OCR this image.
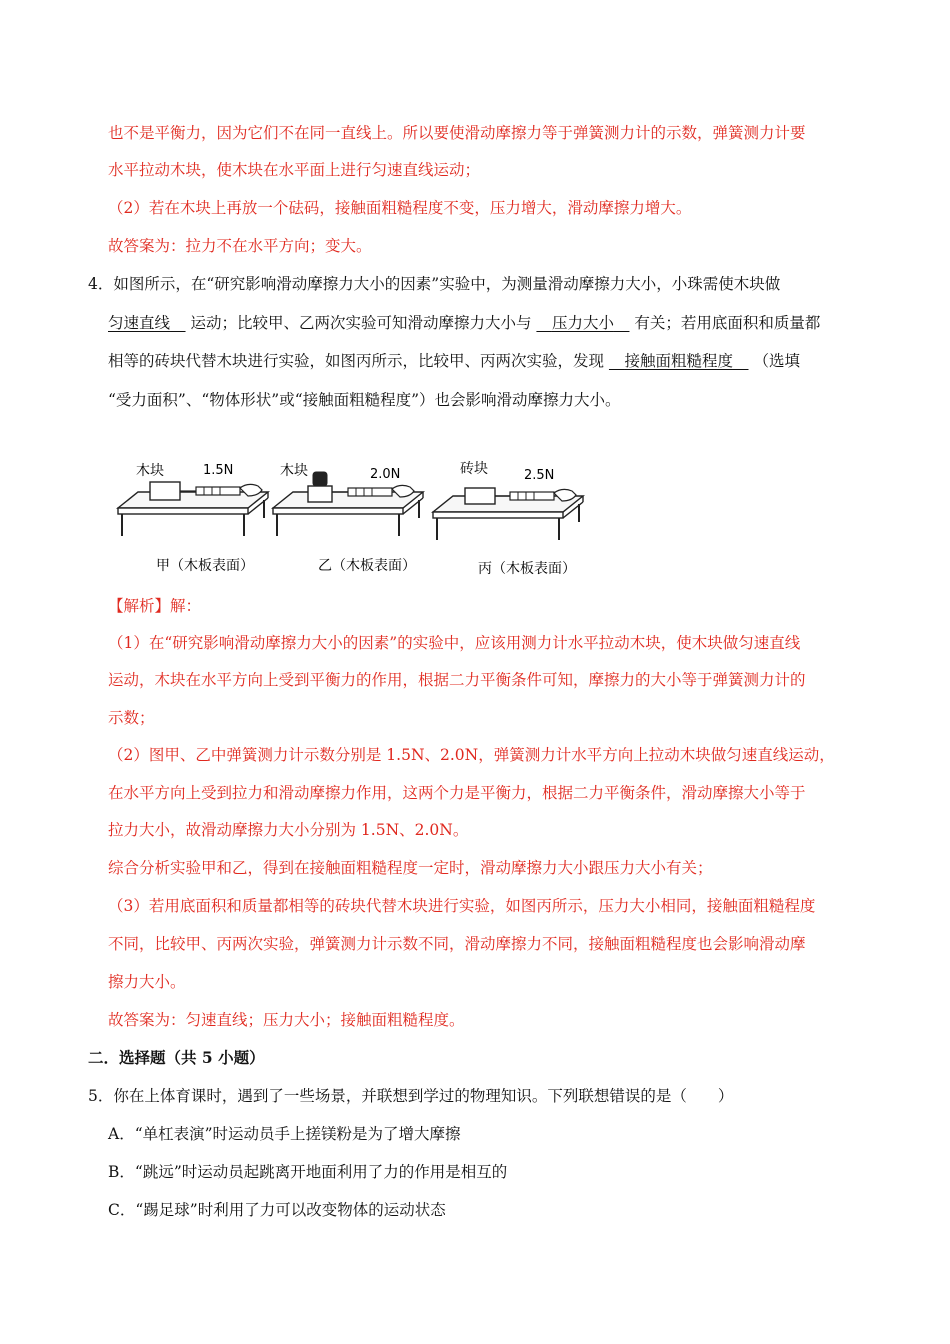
也不是平衡力，因为它们不在同一直线上。所以要使滑动摩擦力等于弹簧测力计的示数，弹簧测力计要
水平拉动木块，使木块在水平面上进行匀速直线运动；
（2）若在木块上再放一个砝码，接触面粗糙程度不变，压力增大，滑动摩擦力增大。
故答案为：拉力不在水平方向；变大。
4．如图所示，在“研究影响滑动摩擦力大小的因素”实验中，为测量滑动摩擦力大小，小珠需使木块做
匀速直线　 运动；比较甲、乙两次实验可知滑动摩擦力大小与 　 压力大小　 有关；若用底面积和质量都
相等的砖块代替木块进行实验，如图丙所示，比较甲、丙两次实验，发现 　 接触面粗糙程度　 （选填
“受力面积”、“物体形状”或“接触面粗糙程度”）也会影响滑动摩擦力大小。
木块	1.5N
甲（木板表面）
木块	2.0N
乙（木板表面）
砖块	2.5N
丙（木板表面）
【解析】解：
（1）在“研究影响滑动摩擦力大小的因素”的实验中，应该用测力计水平拉动木块，使木块做匀速直线
运动，木块在水平方向上受到平衡力的作用，根据二力平衡条件可知，摩擦力的大小等于弹簧测力计的
示数；
（2）图甲、乙中弹簧测力计示数分别是 1.5N、2.0N，弹簧测力计水平方向上拉动木块做匀速直线运动，
在水平方向上受到拉力和滑动摩擦力作用，这两个力是平衡力，根据二力平衡条件，滑动摩擦大小等于
拉力大小，故滑动摩擦力大小分别为 1.5N、2.0N。
综合分析实验甲和乙，得到在接触面粗糙程度一定时，滑动摩擦力大小跟压力大小有关；
（3）若用底面积和质量都相等的砖块代替木块进行实验，如图丙所示，压力大小相同，接触面粗糙程度
不同，比较甲、丙两次实验，弹簧测力计示数不同，滑动摩擦力不同，接触面粗糙程度也会影响滑动摩
擦力大小。
故答案为：匀速直线；压力大小；接触面粗糙程度。
二．选择题（共 5 小题）
5．你在上体育课时，遇到了一些场景，并联想到学过的物理知识。下列联想错误的是（　　）
A．“单杠表演”时运动员手上搓镁粉是为了增大摩擦
B．“跳远”时运动员起跳离开地面利用了力的作用是相互的
C．“踢足球”时利用了力可以改变物体的运动状态
